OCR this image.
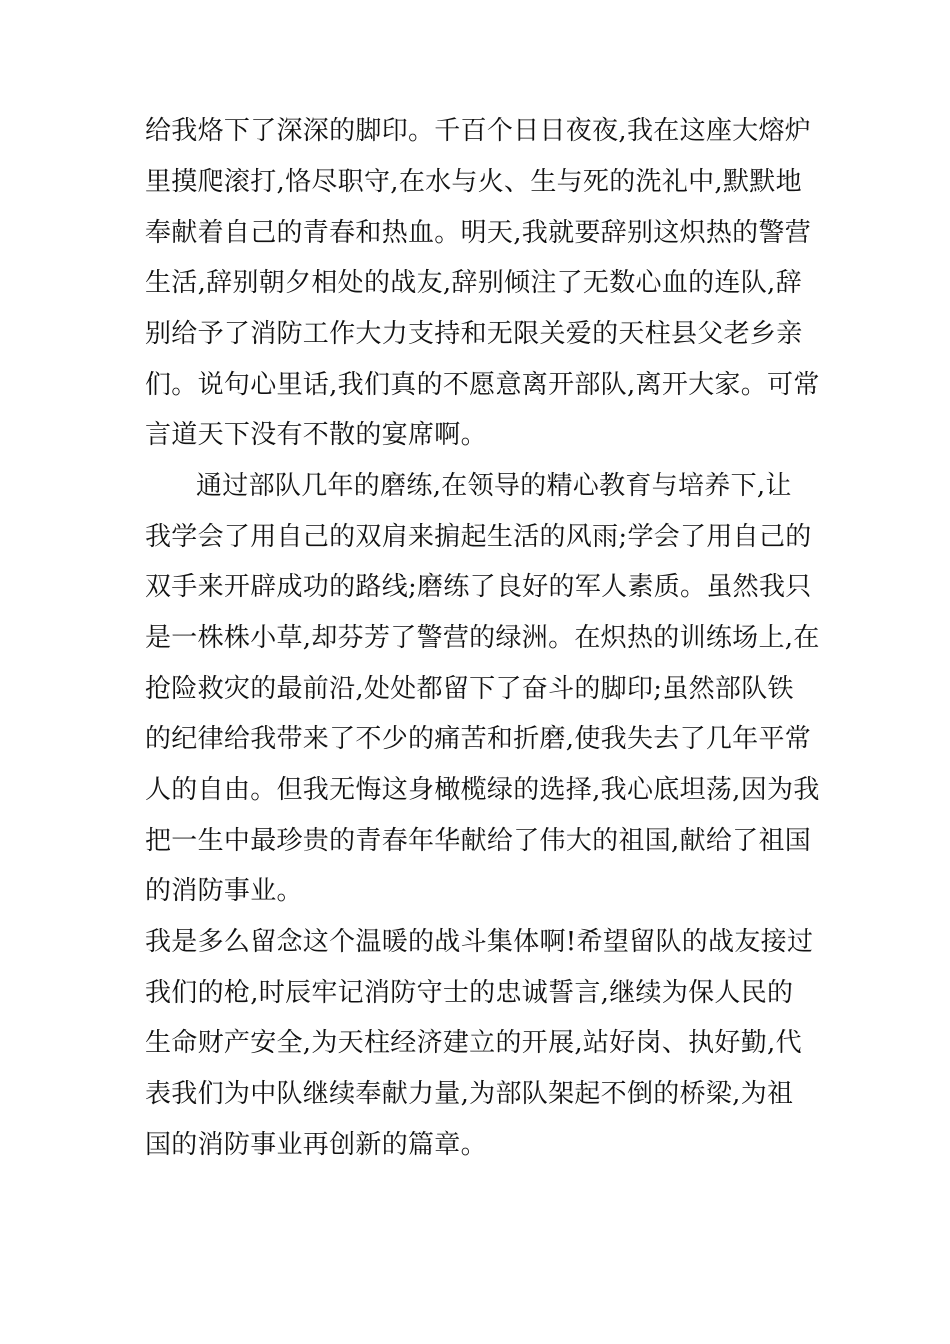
给我烙下了深深的脚印。千百个日日夜夜,我在这座大熔炉
里摸爬滚打,恪尽职守,在水与火、生与死的洗礼中,默默地
奉献着自己的青春和热血。明天,我就要辞别这炽热的警营
生活,辞别朝夕相处的战友,辞别倾注了无数心血的连队,辞
别给予了消防工作大力支持和无限关爱的天柱县父老乡亲
们。说句心里话,我们真的不愿意离开部队,离开大家。可常
言道天下没有不散的宴席啊。
通过部队几年的磨练,在领导的精心教育与培养下,让
我学会了用自己的双肩来掮起生活的风雨;学会了用自己的
双手来开辟成功的路线;磨练了良好的军人素质。虽然我只
是一株株小草,却芬芳了警营的绿洲。在炽热的训练场上,在
抢险救灾的最前沿,处处都留下了奋斗的脚印;虽然部队铁
的纪律给我带来了不少的痛苦和折磨,使我失去了几年平常
人的自由。但我无悔这身橄榄绿的选择,我心底坦荡,因为我
把一生中最珍贵的青春年华献给了伟大的祖国,献给了祖国
的消防事业。
我是多么留念这个温暖的战斗集体啊!希望留队的战友接过
我们的枪,时辰牢记消防守士的忠诚誓言,继续为保人民的
生命财产安全,为天柱经济建立的开展,站好岗、执好勤,代
表我们为中队继续奉献力量,为部队架起不倒的桥梁,为祖
国的消防事业再创新的篇章。
